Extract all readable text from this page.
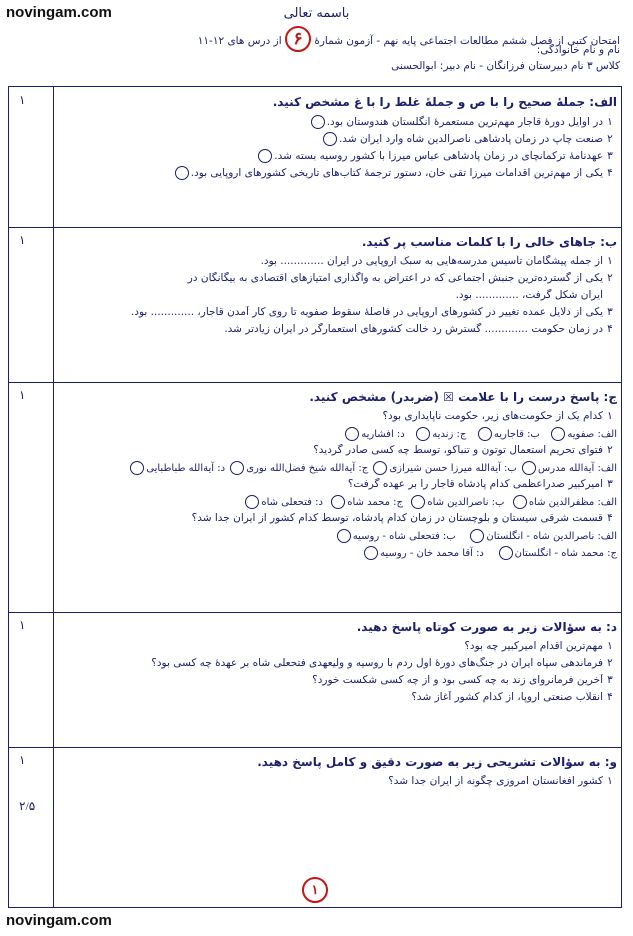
novingam.com
novingam.com
باسمه تعالی
امتحان کتبی از فصل ششم مطالعات اجتماعی پایه نهم - آزمون شمارهٔ ۶ از درس های ۱۲-۱۱
نام و نام خانوادگی:
کلاس ۳ نام دبیرستان فرزانگان - نام دبیر: ابوالحسنی
۱
۱
۱
۱
۱
۲/۵
الف: جملهٔ صحیح را با ص و جملهٔ غلط را با غ مشخص کنید.
۱در اوایل دورهٔ قاجار مهم‌ترین مستعمرهٔ انگلستان هندوستان بود.
۲صنعت چاپ در زمان پادشاهی ناصرالدین شاه وارد ایران شد.
۳عهدنامهٔ ترکمانچای در زمان پادشاهی عباس میرزا با کشور روسیه بسته شد.
۴یکی از مهم‌ترین اقدامات میرزا تقی خان، دستور ترجمهٔ کتاب‌های تاریخی کشورهای اروپایی بود.
ب: جاهای خالی را با کلمات مناسب پر کنید.
۱از جمله پیشگامان تأسیس مدرسه‌هایی به سبک اروپایی در ایران ............. بود.
۲یکی از گسترده‌ترین جنبش اجتماعی که در اعتراض به واگذاری امتیازهای اقتصادی به بیگانگان در
ایران شکل گرفت، ............. بود.
۳یکی از دلایل عمده تغییر در کشورهای اروپایی در فاصلهٔ سقوط صفویه تا روی کار آمدن قاجار، ............. بود.
۴در زمان حکومت ............. گسترش رد خالت کشورهای استعمارگر در ایران زیادتر شد.
ج: پاسخ درست را با علامت ☒ (ضربدر) مشخص کنید.
۱کدام یک از حکومت‌های زیر، حکومت ناپایداری بود؟
الف: صفویه   ب: قاجاریه   ج: زندیه   د: افشاریه
۲فتوای تحریم استعمال توتون و تنباکو، توسط چه کسی صادر گردید؟
الف: آیة‌الله مدرس ب: آیة‌الله میرزا حسن شیرازی ج: آیة‌الله شیخ فضل‌الله نوری د: آیة‌الله طباطبایی
۳امیرکبیر صدراعظمی کدام پادشاه قاجار را بر عهده گرفت؟
الف: مظفرالدین شاه  ب: ناصرالدین شاه  ج: محمد شاه  د: فتحعلی شاه
۴قسمت شرقی سیستان و بلوچستان در زمان کدام پادشاه، توسط کدام کشور از ایران جدا شد؟
الف: ناصرالدین شاه - انگلستان    ب: فتحعلی شاه - روسیه
ج: محمد شاه - انگلستان    د: آقا محمد خان - روسیه
د: به سؤالات زیر به صورت کوتاه پاسخ دهید.
۱مهم‌ترین اقدام امیرکبیر چه بود؟
۲فرماندهی سپاه ایران در جنگ‌های دورهٔ اول ردم با روسیه و ولیعهدی فتحعلی شاه بر عهدهٔ چه کسی بود؟
۳آخرین فرمانروای زند به چه کسی بود و از چه کسی شکست خورد؟
۴انقلاب صنعتی اروپا، از کدام کشور آغاز شد؟
و: به سؤالات تشریحی زیر به صورت دقیق و کامل پاسخ دهید.
۱کشور افغانستان امروزی چگونه از ایران جدا شد؟
۱
